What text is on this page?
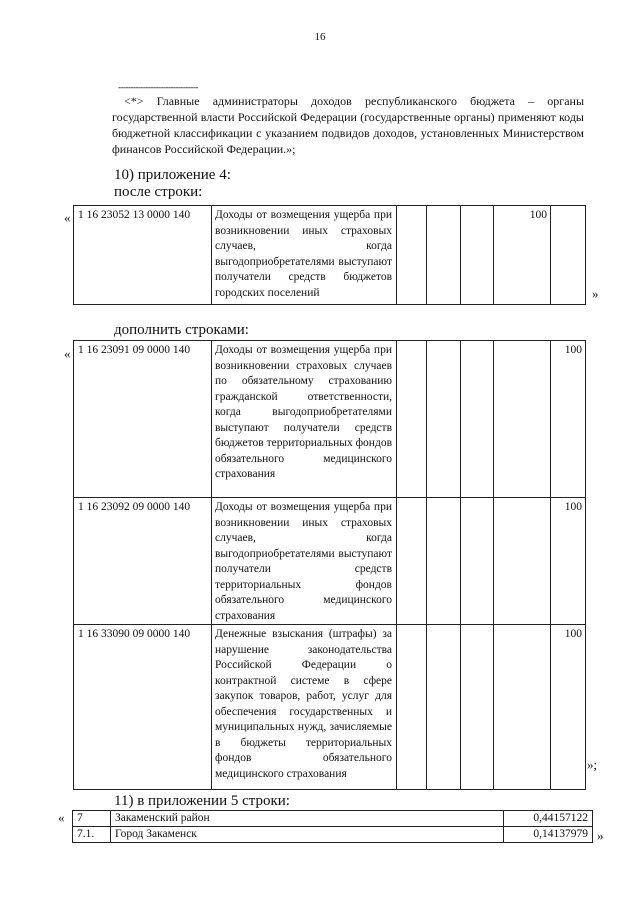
16
--------------------------------
<*> Главные администраторы доходов республиканского бюджета – органы государственной власти Российской Федерации (государственные органы) применяют коды бюджетной классификации с указанием подвидов доходов, установленных Министерством финансов Российской Федерации.»;
10) приложение 4:
после строки:
« 1 16 23052 13 0000 140	Доходы от возмещения ущерба при возникновении иных страховых случаев, когда выгодоприобретателями выступают получатели средств бюджетов городских поселений				100	
»
дополнить строками:
« 1 16 23091 09 0000 140	Доходы от возмещения ущерба при возникновении страховых случаев по обязательному страхованию гражданской ответственности, когда выгодоприобретателями выступают получатели средств бюджетов территориальных фондов обязательного медицинского страхования					100
1 16 23092 09 0000 140	Доходы от возмещения ущерба при возникновении иных страховых случаев, когда выгодоприобретателями выступают получатели средств территориальных фондов обязательного медицинского страхования					100
1 16 33090 09 0000 140	Денежные взыскания (штрафы) за нарушение законодательства Российской Федерации о контрактной системе в сфере закупок товаров, работ, услуг для обеспечения государственных и муниципальных нужд, зачисляемые в бюджеты территориальных фондов обязательного медицинского страхования					100
»;
11) в приложении 5 строки:
« 7	Закаменский район	0,44157122
7.1.	Город Закаменск	0,14137979 »
